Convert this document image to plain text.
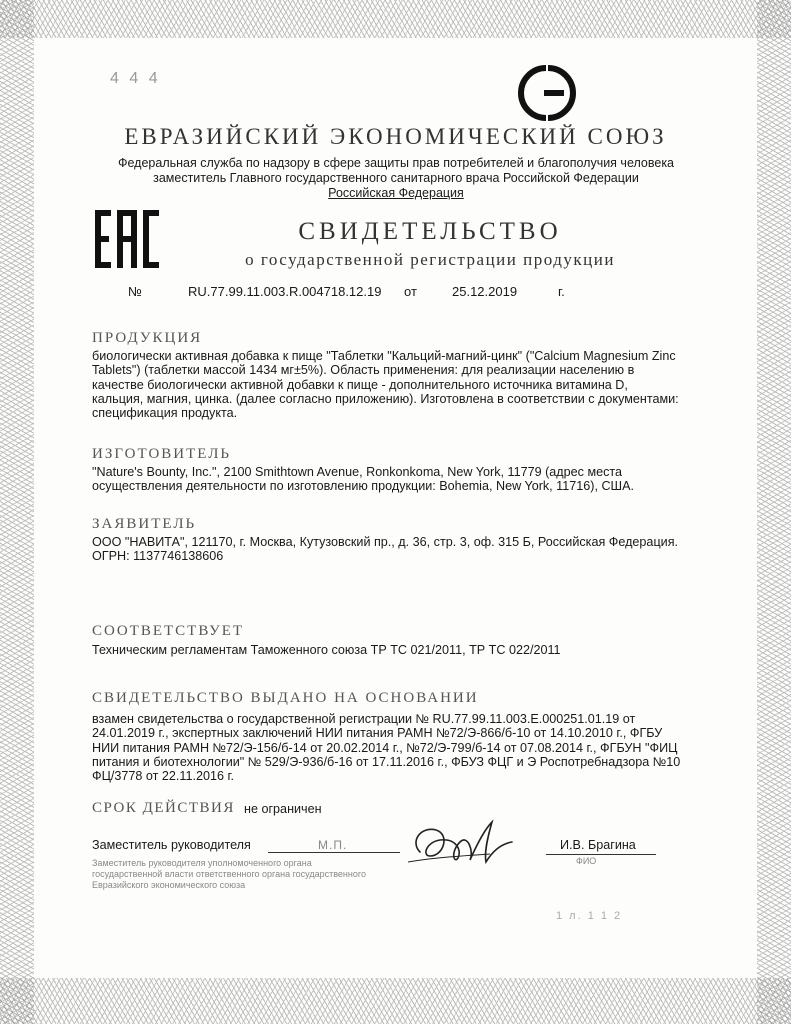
4 4 4
ЕВРАЗИЙСКИЙ ЭКОНОМИЧЕСКИЙ СОЮЗ
Федеральная служба по надзору в сфере защиты прав потребителей и благополучия человека
заместитель Главного государственного санитарного врача Российской Федерации
Российская Федерация
СВИДЕТЕЛЬСТВО
о государственной регистрации продукции
№	RU.77.99.11.003.R.004718.12.19 от	25.12.2019	г.
ПРОДУКЦИЯ
биологически активная добавка к пище "Таблетки "Кальций-магний-цинк" ("Calcium Magnesium Zinc Tablets") (таблетки массой 1434 мг±5%). Область применения: для реализации населению в качестве биологически активной добавки к пище - дополнительного источника витамина D, кальция, магния, цинка. (далее согласно приложению). Изготовлена в соответствии с документами: спецификация продукта.
ИЗГОТОВИТЕЛЬ
"Nature's Bounty, Inc.", 2100 Smithtown Avenue, Ronkonkoma, New York, 11779 (адрес места осуществления деятельности по изготовлению продукции: Bohemia, New York, 11716), США.
ЗАЯВИТЕЛЬ
ООО "НАВИТА", 121170, г. Москва, Кутузовский пр., д. 36, стр. 3, оф. 315 Б, Российская Федерация. ОГРН: 1137746138606
СООТВЕТСТВУЕТ
Техническим регламентам Таможенного союза ТР ТС 021/2011, ТР ТС 022/2011
СВИДЕТЕЛЬСТВО ВЫДАНО НА ОСНОВАНИИ
взамен свидетельства о государственной регистрации № RU.77.99.11.003.E.000251.01.19 от 24.01.2019 г., экспертных заключений НИИ питания РАМН №72/Э-866/б-10 от 14.10.2010 г., ФГБУ НИИ питания РАМН №72/Э-156/б-14 от 20.02.2014 г., №72/Э-799/б-14 от 07.08.2014 г., ФГБУН "ФИЦ питания и биотехнологии" № 529/Э-936/б-16 от 17.11.2016 г., ФБУЗ ФЦГ и Э Роспотребнадзора №10 ФЦ/3778 от 22.11.2016 г.
СРОК ДЕЙСТВИЯ не ограничен
Заместитель руководителя	М.П.	И.В. Брагина
ФИО
Заместитель руководителя уполномоченного органа государственной власти ответственного органа государственного Евразийского экономического союза
1 л. 1 1 2
